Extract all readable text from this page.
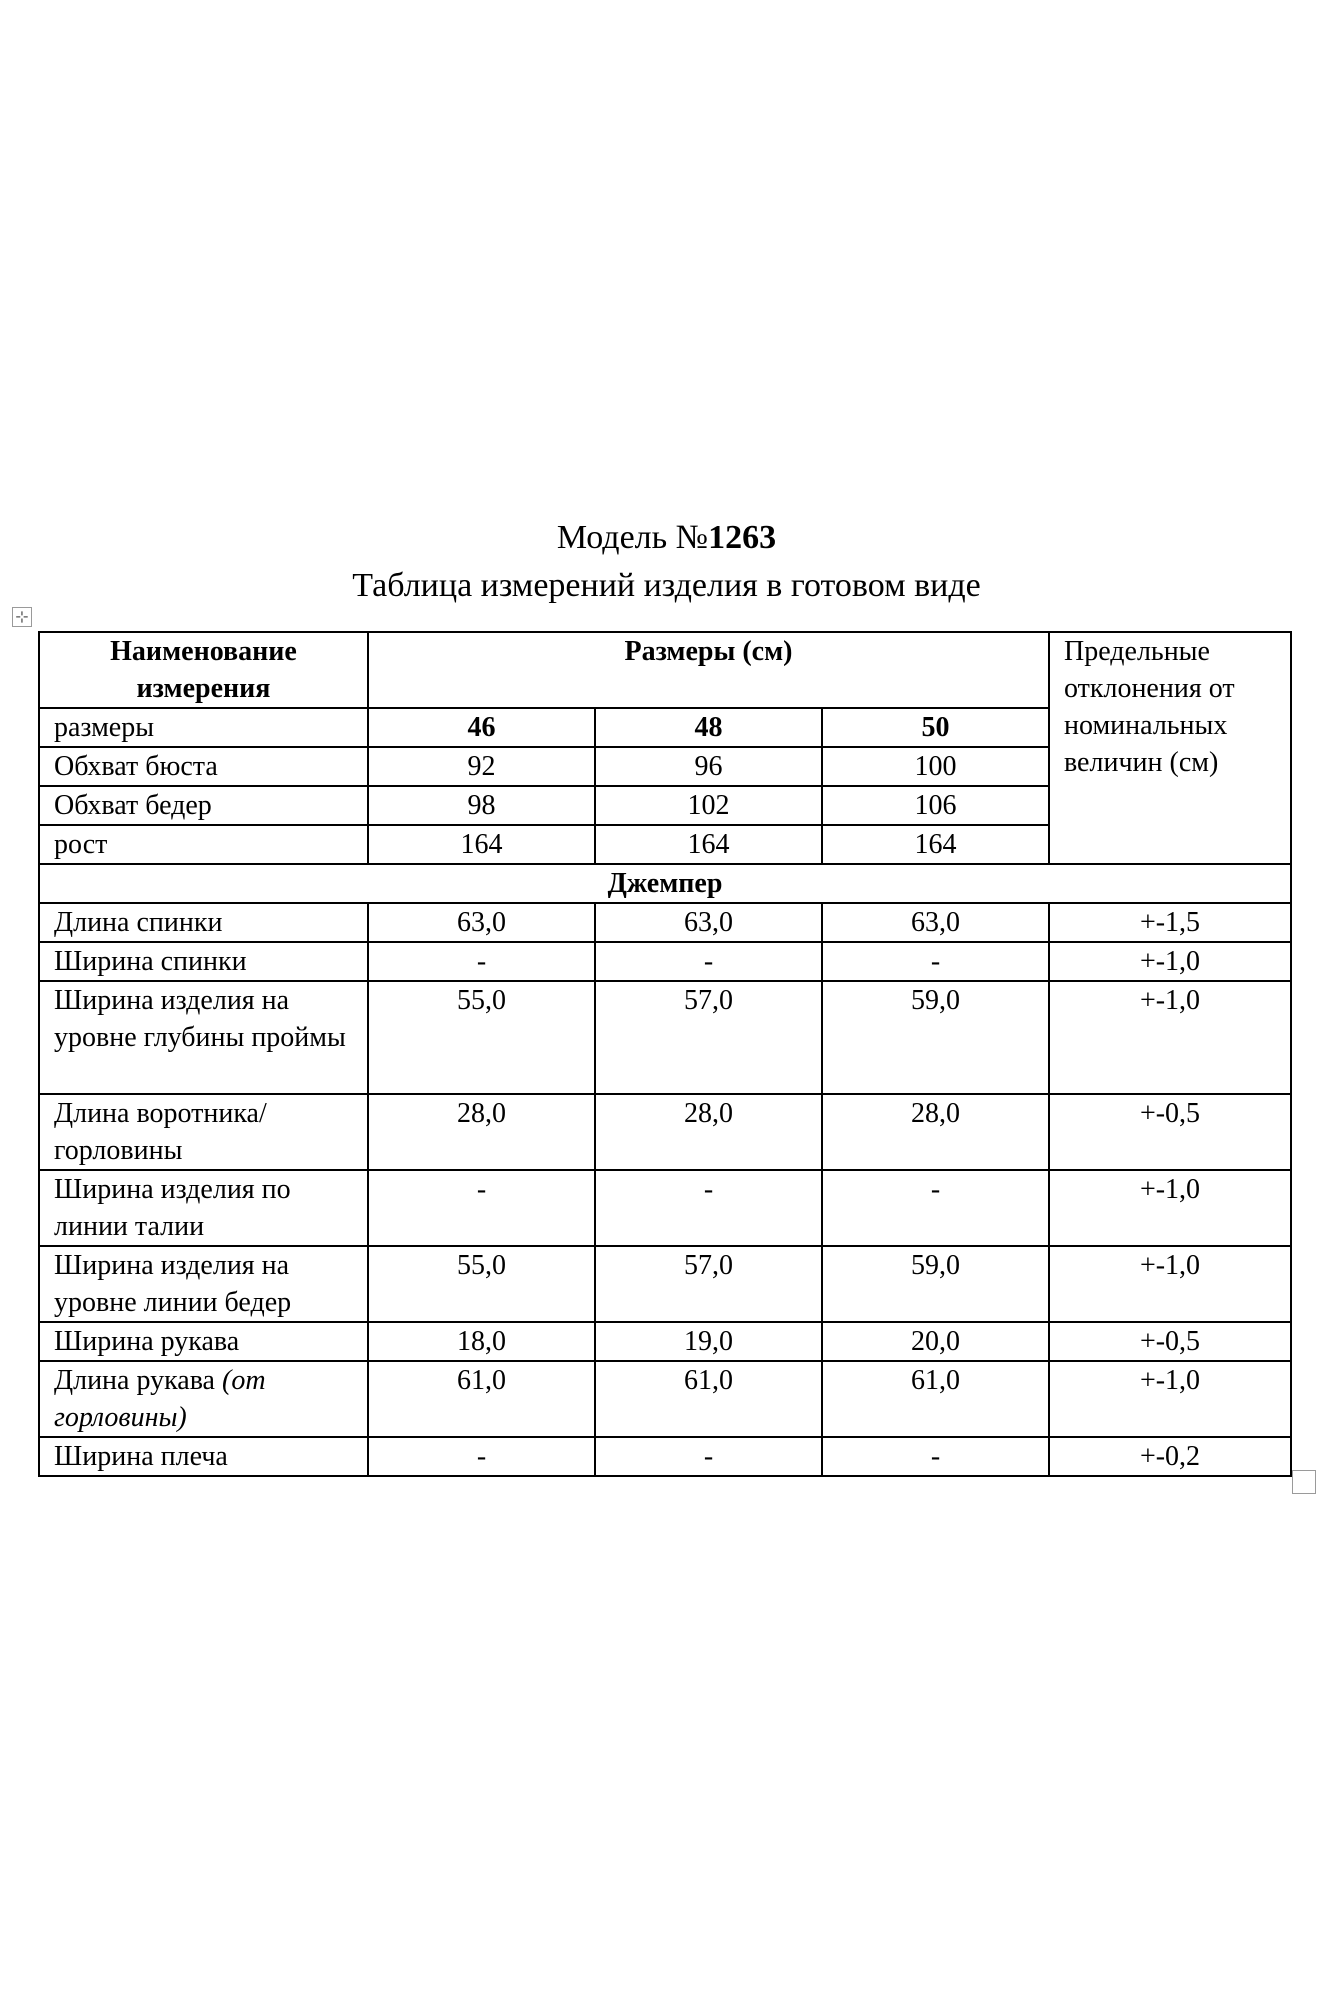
Модель №1263
Таблица измерений изделия в готовом виде
⊹
Наименование измерения	Размеры (см)			Предельные отклонения от номинальных величин (см)
размеры	46	48	50	
Обхват бюста	92	96	100	
Обхват бедер	98	102	106	
рост	164	164	164	
Джемпер				
Длина спинки	63,0	63,0	63,0	+-1,5
Ширина спинки	-	-	-	+-1,0
Ширина изделия на уровне глубины проймы	55,0	57,0	59,0	+-1,0
Длина воротника/горловины	28,0	28,0	28,0	+-0,5
Ширина изделия по линии талии	-	-	-	+-1,0
Ширина изделия на уровне линии бедер	55,0	57,0	59,0	+-1,0
Ширина рукава	18,0	19,0	20,0	+-0,5
Длина рукава (от горловины)	61,0	61,0	61,0	+-1,0
Ширина плеча	-	-	-	+-0,2
